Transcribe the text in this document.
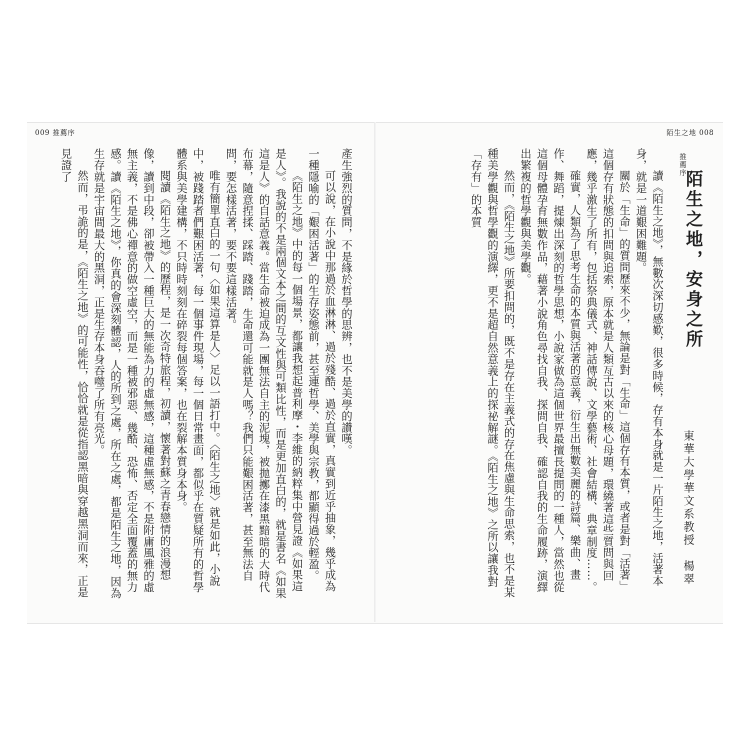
009 推薦序	陌生之地 008
推薦序
陌生之地，安身之所
東華大學華文系教授　楊翠

讀《陌生之地》，無數次深切感歎，很多時候，存有本身就是一片陌生之地，活著本身，就是一道艱困難題。

關於「生命」的質問歷來不少，無論是對「生命」這個存有本質，或者是對「活著」這個存有狀態的扣問與追索，原本就是人類亙古以來的核心母題，環繞著這些質問與回應，幾乎激生了所有，包括祭典儀式、神話傳說、文學藝術、社會結構、典章制度……。

確實，人類為了思考生命的本質與活著的意義，衍生出無數美麗的詩篇、樂曲、畫作、舞蹈，提煉出深刻的哲學思想，小說家做為這個世界最擅長提問的一種人，當然也從這個母體孕育無數作品，藉著小說角色尋找自我、探問自我、確認自我的生命履跡，演繹出繁複的哲學觀與美學觀。

然而，《陌生之地》所要扣問的，既不是存在主義式的存在焦慮與生命思索，也不是某種美學觀與哲學觀的演繹，更不是超自然意義上的探祕解謎。《陌生之地》之所以讓我對「存有」的本質

產生強烈的質問，不是緣於哲學的思辨，也不是美學的讚嘆。

可以說，在小說中那過於血淋淋、過於殘酷、過於直實，真實到近乎抽象，幾乎成為一種隱喻的「艱困活著」的生存姿態前，甚至連哲學、美學與宗教，都顯得過於輕盈。

《陌生之地》中的每一個場景，都讓我想起普利摩・李維的納粹集中營見證《如果這是人》。我說的不是兩個文本之間的互文性與可類比性，而是更加直白的，就是書名《如果這是人》的自話意義。當生命被迫成為一團無法自主的泥塊，被拋擲在漆黑黯暗的大時代布幕，隨意捏揉、踩踏、踐踏，生命還可能就是人嗎？我們只能艱困活著，甚至無法自問，要怎樣活著，要不要這樣活著。

唯有簡單直白的一句〈如果這算是人〉足以一語打中。〈陌生之地〉就是如此，小說中，被踐踏者們艱困活著，每一個事件現場，每一個日常畫面，都似乎在質疑所有的哲學體系與美學建構，不只時時刻刻在碎裂每個答案，也在裂解本質身本身。

閱讀《陌生之地》的歷程，是一次奇特旅程，初讀，懷著對蘇之青春戀情的浪漫想像，讀到中段，卻被帶入一種巨大的無能為力的虛無感，這種虛無感，不是附庸風雅的虛無主義，不是佛心禪意的做空虛空，而是一種被邪惡、幾酷、恐怖、否定全面覆蓋的無力感。讀《陌生之地》，你真的會深刻體認，人的所到之處，所在之處，都是陌生之地，因為生存就是宇宙間最大的黑洞，正是生存本身吞噬了所有亮光。

然而，弔詭的是，《陌生之地》的可能性，恰恰就是從指認黑暗與穿越黑洞而來，正是見證了
